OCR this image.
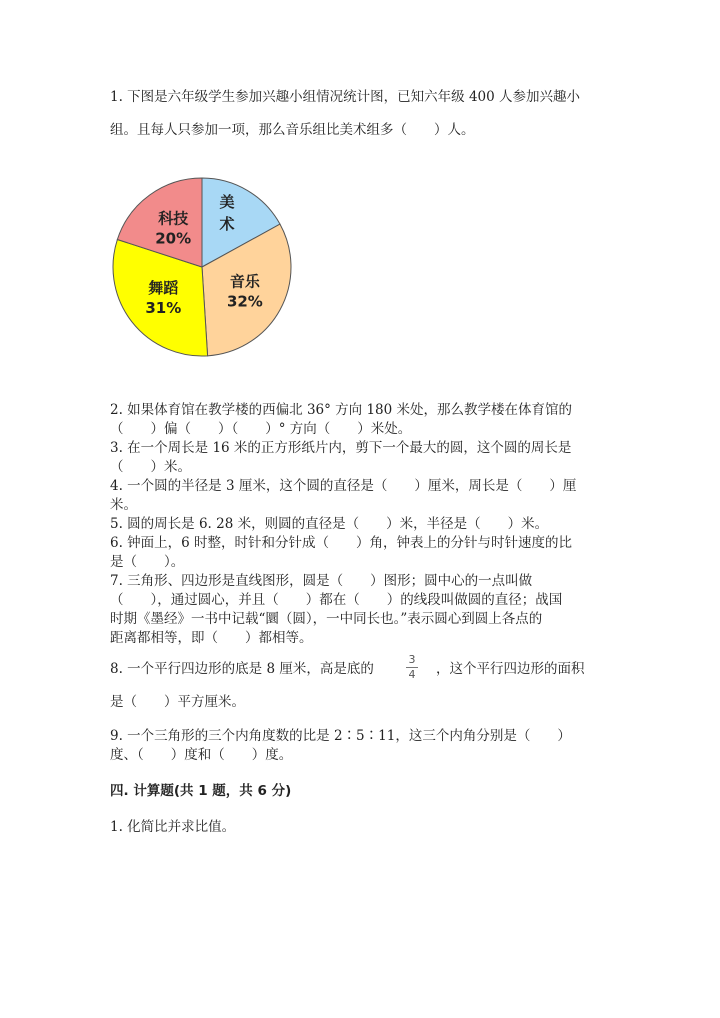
1. 下图是六年级学生参加兴趣小组情况统计图，已知六年级 400 人参加兴趣小
组。且每人只参加一项，那么音乐组比美术组多（　　）人。
美
术
音乐
32%
舞蹈
31%
科技
20%
2. 如果体育馆在教学楼的西偏北 36° 方向 180 米处，那么教学楼在体育馆的
（　　）偏（　　）（　　）° 方向（　　）米处。
3. 在一个周长是 16 米的正方形纸片内，剪下一个最大的圆，这个圆的周长是
（　　）米。
4. 一个圆的半径是 3 厘米，这个圆的直径是（　　）厘米，周长是（　　）厘
米。
5. 圆的周长是 6. 28 米，则圆的直径是（　　）米，半径是（　　）米。
6. 钟面上，6 时整，时针和分针成（　　）角，钟表上的分针与时针速度的比
是（　　）。
7. 三角形、四边形是直线图形，圆是（　　）图形；圆中心的一点叫做
（　　），通过圆心，并且（　　）都在（　　）的线段叫做圆的直径；战国
时期《墨经》一书中记载“圜（圆），一中同长也。”表示圆心到圆上各点的
距离都相等，即（　　）都相等。
8. 一个平行四边形的底是 8 厘米，高是底的
3
4	，这个平行四边形的面积
是（　　）平方厘米。
9. 一个三角形的三个内角度数的比是 2∶5∶11，这三个内角分别是（　　）
度、（　　）度和（　　）度。
四. 计算题(共 1 题，共 6 分)
1. 化简比并求比值。
